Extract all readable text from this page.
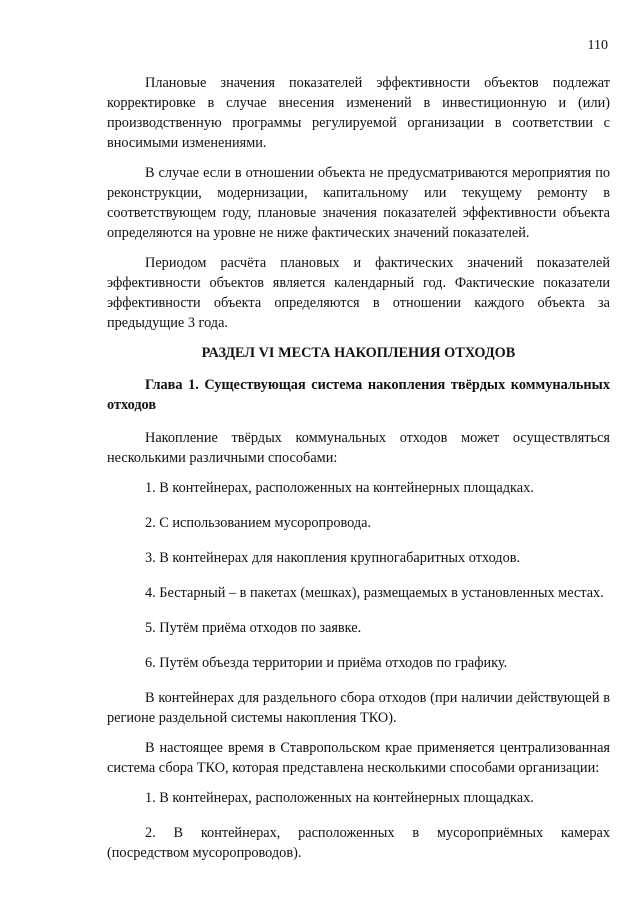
110

Плановые значения показателей эффективности объектов подлежат корректировке в случае внесения изменений в инвестиционную и (или) производственную программы регулируемой организации в соответствии с вносимыми изменениями.

В случае если в отношении объекта не предусматриваются мероприятия по реконструкции, модернизации, капитальному или текущему ремонту в соответствующем году, плановые значения показателей эффективности объекта определяются на уровне не ниже фактических значений показателей.

Периодом расчёта плановых и фактических значений показателей эффективности объектов является календарный год. Фактические показатели эффективности объекта определяются в отношении каждого объекта за предыдущие 3 года.

РАЗДЕЛ VI МЕСТА НАКОПЛЕНИЯ ОТХОДОВ
Глава 1. Существующая система накопления твёрдых коммунальных отходов

Накопление твёрдых коммунальных отходов может осуществляться несколькими различными способами:

1. В контейнерах, расположенных на контейнерных площадках.

2. С использованием мусоропровода.

3. В контейнерах для накопления крупногабаритных отходов.

4. Бестарный – в пакетах (мешках), размещаемых в установленных местах.

5. Путём приёма отходов по заявке.

6. Путём объезда территории и приёма отходов по графику.

В контейнерах для раздельного сбора отходов (при наличии действующей в регионе раздельной системы накопления ТКО).

В настоящее время в Ставропольском крае применяется централизованная система сбора ТКО, которая представлена несколькими способами организации:

1. В контейнерах, расположенных на контейнерных площадках.

2. В контейнерах, расположенных в мусороприёмных камерах (посредством мусоропроводов).
